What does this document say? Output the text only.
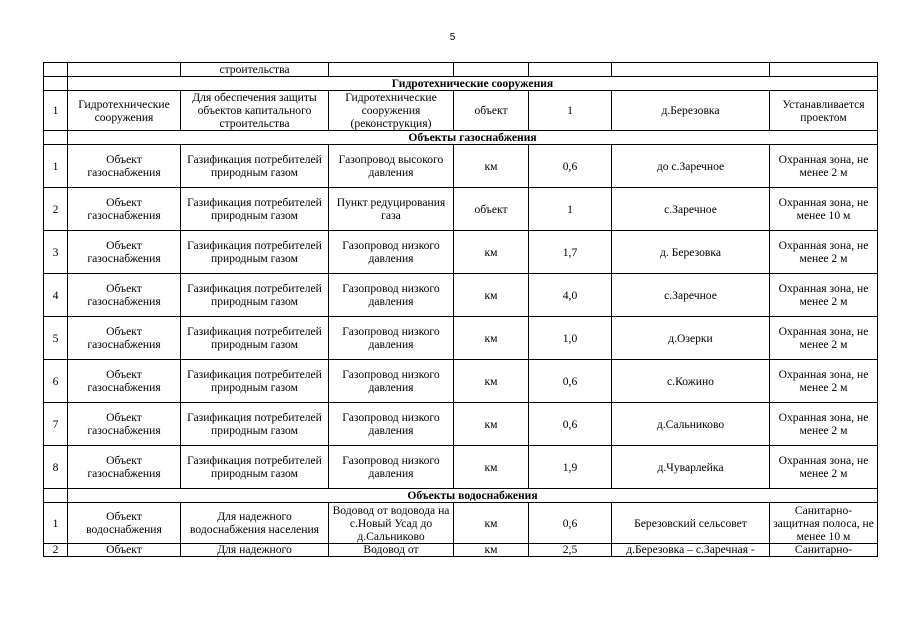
5
		строительства					
	Гидротехнические сооружения						
1	Гидротехнические сооружения	Для обеспечения защиты объектов капитального строительства	Гидротехнические сооружения (реконструкция)	объект	1	д.Березовка	Устанавливается проектом
	Объекты газоснабжения						
1	Объект газоснабжения	Газификация потребителей природным газом	Газопровод высокого давления	км	0,6	до с.Заречное	Охранная зона, не менее 2 м
2	Объект газоснабжения	Газификация потребителей природным газом	Пункт редуцирования газа	объект	1	с.Заречное	Охранная зона, не менее 10 м
3	Объект газоснабжения	Газификация потребителей природным газом	Газопровод низкого давления	км	1,7	д. Березовка	Охранная зона, не менее 2 м
4	Объект газоснабжения	Газификация потребителей природным газом	Газопровод низкого давления	км	4,0	с.Заречное	Охранная зона, не менее 2 м
5	Объект газоснабжения	Газификация потребителей природным газом	Газопровод низкого давления	км	1,0	д.Озерки	Охранная зона, не менее 2 м
6	Объект газоснабжения	Газификация потребителей природным газом	Газопровод низкого давления	км	0,6	с.Кожино	Охранная зона, не менее 2 м
7	Объект газоснабжения	Газификация потребителей природным газом	Газопровод низкого давления	км	0,6	д.Сальниково	Охранная зона, не менее 2 м
8	Объект газоснабжения	Газификация потребителей природным газом	Газопровод низкого давления	км	1,9	д.Чуварлейка	Охранная зона, не менее 2 м
	Объекты водоснабжения						
1	Объект водоснабжения	Для надежного водоснабжения населения	Водовод от водовода на с.Новый Усад до д.Сальниково	км	0,6	Березовский сельсовет	Санитарно-защитная полоса, не менее 10 м
2	Объект	Для надежного	Водовод от	км	2,5	д.Березовка – с.Заречная -	Санитарно-
